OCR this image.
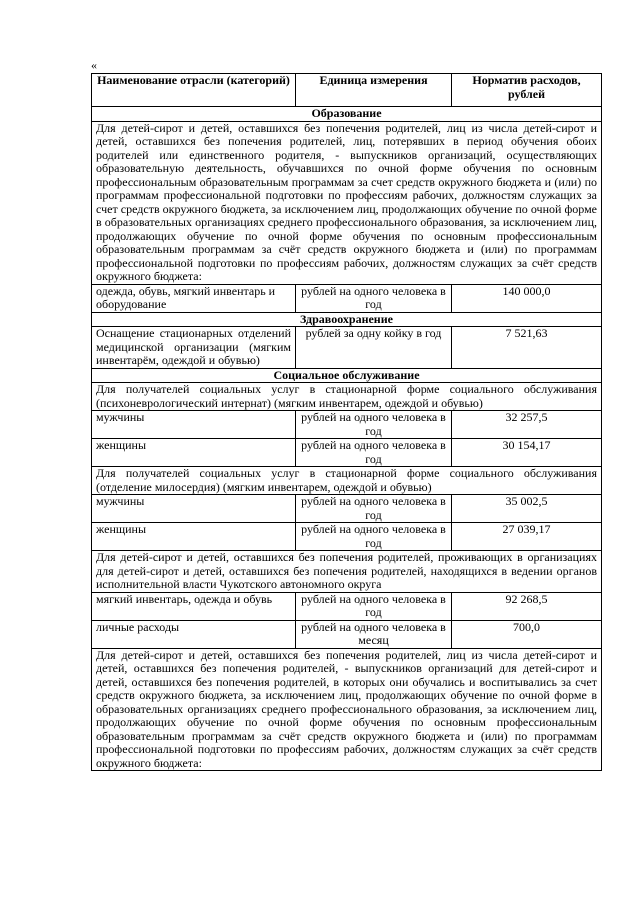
«
Наименование отрасли (категорий)	Единица измерения	Норматив расходов, рублей
Образование		
Для детей-сирот и детей, оставшихся без попечения родителей, лиц из числа детей-сирот и детей, оставшихся без попечения родителей, лиц, потерявших в период обучения обоих родителей или единственного родителя, - выпускников организаций, осуществляющих образовательную деятельность, обучавшихся по очной форме обучения по основным профессиональным образовательным программам за счет средств окружного бюджета и (или) по программам профессиональной подготовки по профессиям рабочих, должностям служащих за счет средств окружного бюджета, за исключением лиц, продолжающих обучение по очной форме в образовательных организациях среднего профессионального образования, за исключением лиц, продолжающих обучение по очной форме обучения по основным профессиональным образовательным программам за счёт средств окружного бюджета и (или) по программам профессиональной подготовки по профессиям рабочих, должностям служащих за счёт средств окружного бюджета:		
одежда, обувь, мягкий инвентарь и оборудование	рублей на одного человека в год	140 000,0
Здравоохранение		
Оснащение стационарных отделений медицинской организации (мягким инвентарём, одеждой и обувью)	рублей за одну койку в год	7 521,63
Социальное обслуживание		
Для получателей социальных услуг в стационарной форме социального обслуживания (психоневрологический интернат) (мягким инвентарем, одеждой и обувью)		
мужчины	рублей на одного человека в год	32 257,5
женщины	рублей на одного человека в год	30 154,17
Для получателей социальных услуг в стационарной форме социального обслуживания (отделение милосердия) (мягким инвентарем, одеждой и обувью)		
мужчины	рублей на одного человека в год	35 002,5
женщины	рублей на одного человека в год	27 039,17
Для детей-сирот и детей, оставшихся без попечения родителей, проживающих в организациях для детей-сирот и детей, оставшихся без попечения родителей, находящихся в ведении органов исполнительной власти Чукотского автономного округа		
мягкий инвентарь, одежда и обувь	рублей на одного человека в год	92 268,5
личные расходы	рублей на одного человека в месяц	700,0
Для детей-сирот и детей, оставшихся без попечения родителей, лиц из числа детей-сирот и детей, оставшихся без попечения родителей, - выпускников организаций для детей-сирот и детей, оставшихся без попечения родителей, в которых они обучались и воспитывались за счет средств окружного бюджета, за исключением лиц, продолжающих обучение по очной форме в образовательных организациях среднего профессионального образования, за исключением лиц, продолжающих обучение по очной форме обучения по основным профессиональным образовательным программам за счёт средств окружного бюджета и (или) по программам профессиональной подготовки по профессиям рабочих, должностям служащих за счёт средств окружного бюджета:		
